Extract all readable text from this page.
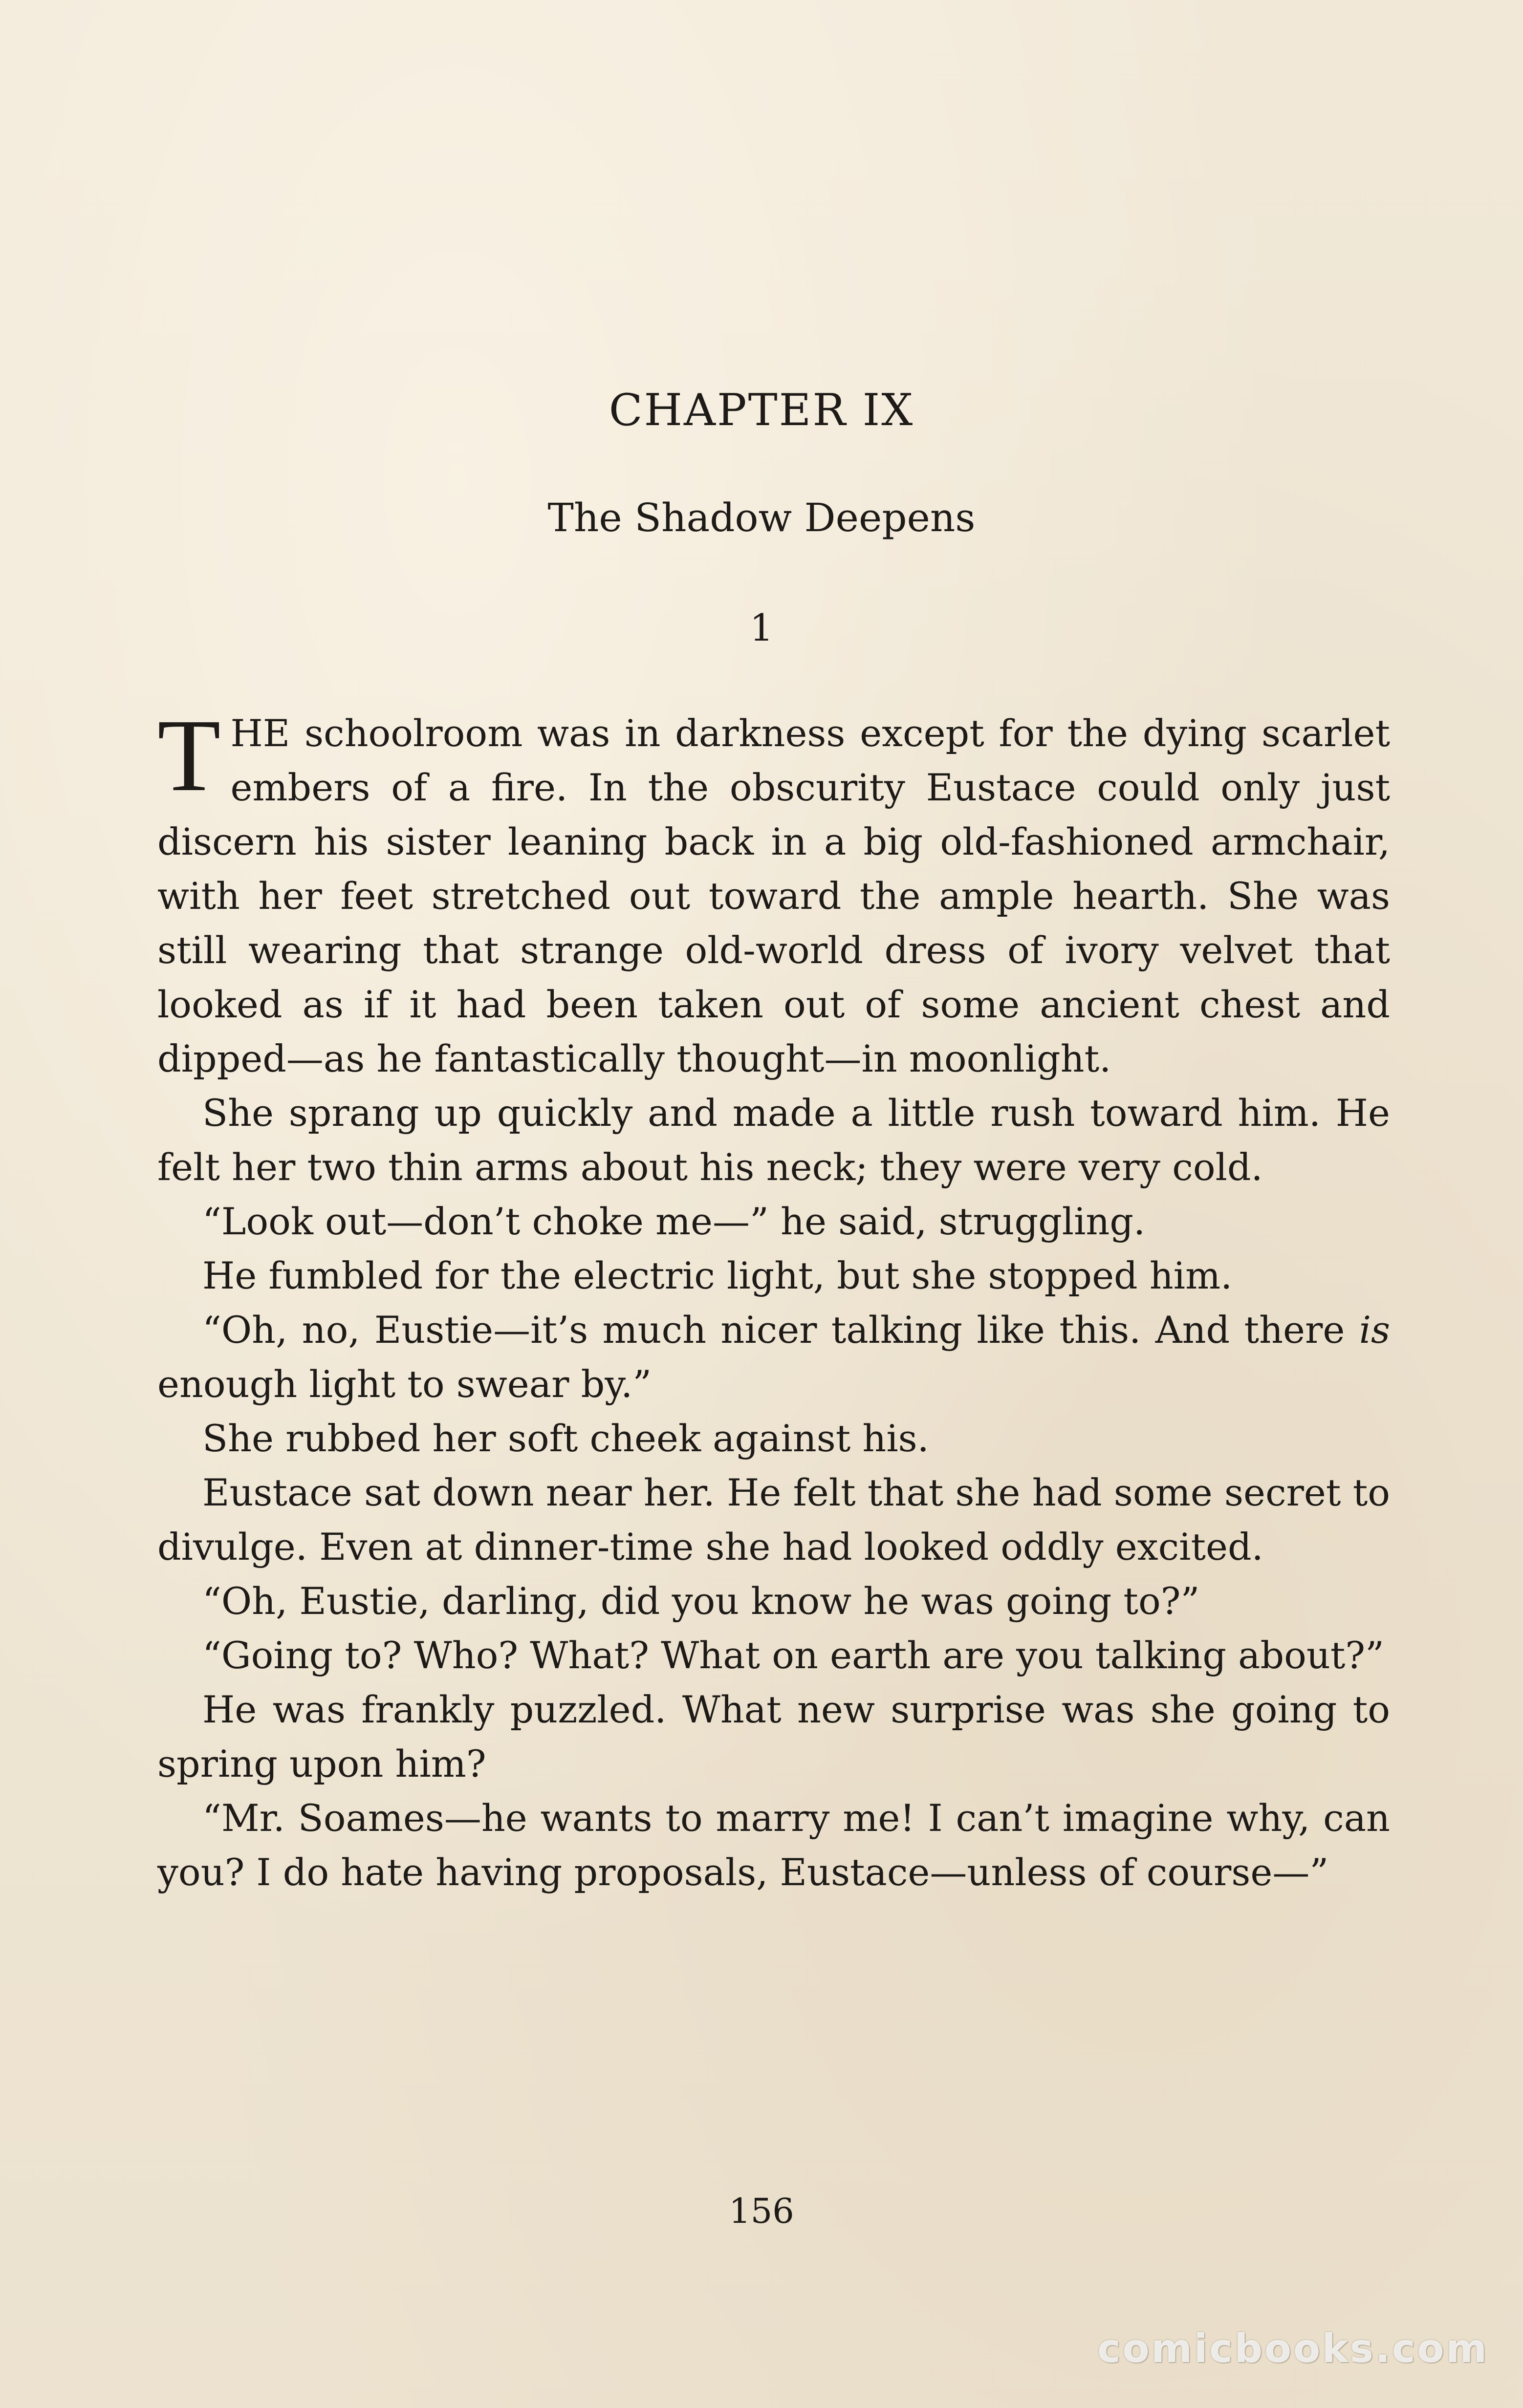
CHAPTER IX
The Shadow Deepens
1

THE schoolroom was in darkness except for the dying scarlet embers of a fire. In the obscurity Eustace could only just discern his sister leaning back in a big old-fashioned armchair, with her feet stretched out toward the ample hearth. She was still wearing that strange old-world dress of ivory velvet that looked as if it had been taken out of some ancient chest and dipped—as he fantastically thought—in moonlight.

She sprang up quickly and made a little rush toward him. He felt her two thin arms about his neck; they were very cold.

“Look out—don’t choke me—” he said, struggling.

He fumbled for the electric light, but she stopped him.

“Oh, no, Eustie—it’s much nicer talking like this. And there is enough light to swear by.”

She rubbed her soft cheek against his.

Eustace sat down near her. He felt that she had some secret to divulge. Even at dinner-time she had looked oddly excited.

“Oh, Eustie, darling, did you know he was going to?”

“Going to? Who? What? What on earth are you talking about?”

He was frankly puzzled. What new surprise was she going to spring upon him?

“Mr. Soames—he wants to marry me! I can’t imagine why, can you? I do hate having proposals, Eustace—unless of course—”

156
comicbooks.com
